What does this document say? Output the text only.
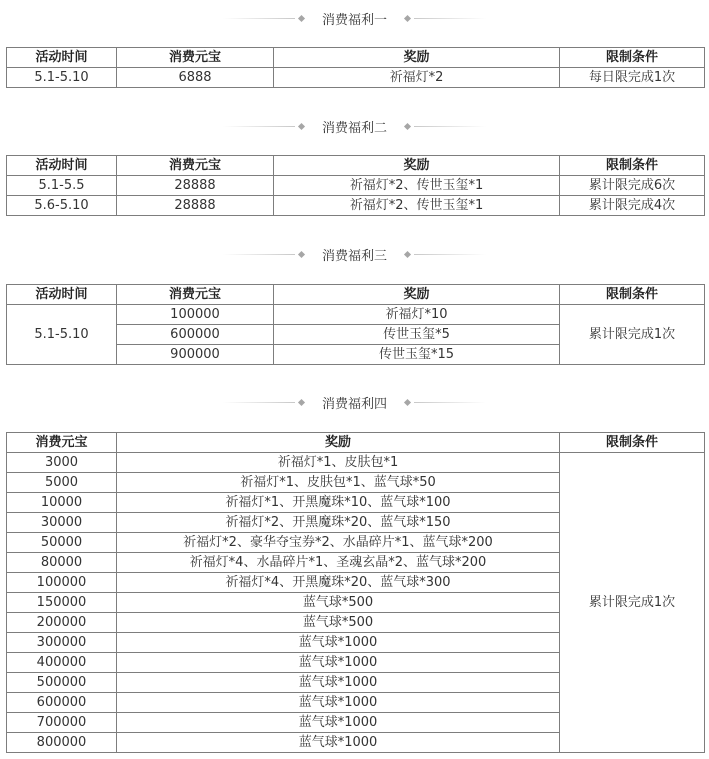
消费福利一
活动时间	消费元宝	奖励	限制条件
5.1-5.10	6888	祈福灯*2	每日限完成1次
消费福利二
活动时间	消费元宝	奖励	限制条件
5.1-5.5	28888	祈福灯*2、传世玉玺*1	累计限完成6次
5.6-5.10	28888	祈福灯*2、传世玉玺*1	累计限完成4次
消费福利三
活动时间	消费元宝	奖励	限制条件
5.1-5.10	100000	祈福灯*10	累计限完成1次
	600000	传世玉玺*5	
	900000	传世玉玺*15	
消费福利四
消费元宝	奖励	限制条件
3000	祈福灯*1、皮肤包*1	累计限完成1次
5000	祈福灯*1、皮肤包*1、蓝气球*50	
10000	祈福灯*1、开黑魔珠*10、蓝气球*100	
30000	祈福灯*2、开黑魔珠*20、蓝气球*150	
50000	祈福灯*2、豪华夺宝券*2、水晶碎片*1、蓝气球*200	
80000	祈福灯*4、水晶碎片*1、圣魂玄晶*2、蓝气球*200	
100000	祈福灯*4、开黑魔珠*20、蓝气球*300	
150000	蓝气球*500	
200000	蓝气球*500	
300000	蓝气球*1000	
400000	蓝气球*1000	
500000	蓝气球*1000	
600000	蓝气球*1000	
700000	蓝气球*1000	
800000	蓝气球*1000	
